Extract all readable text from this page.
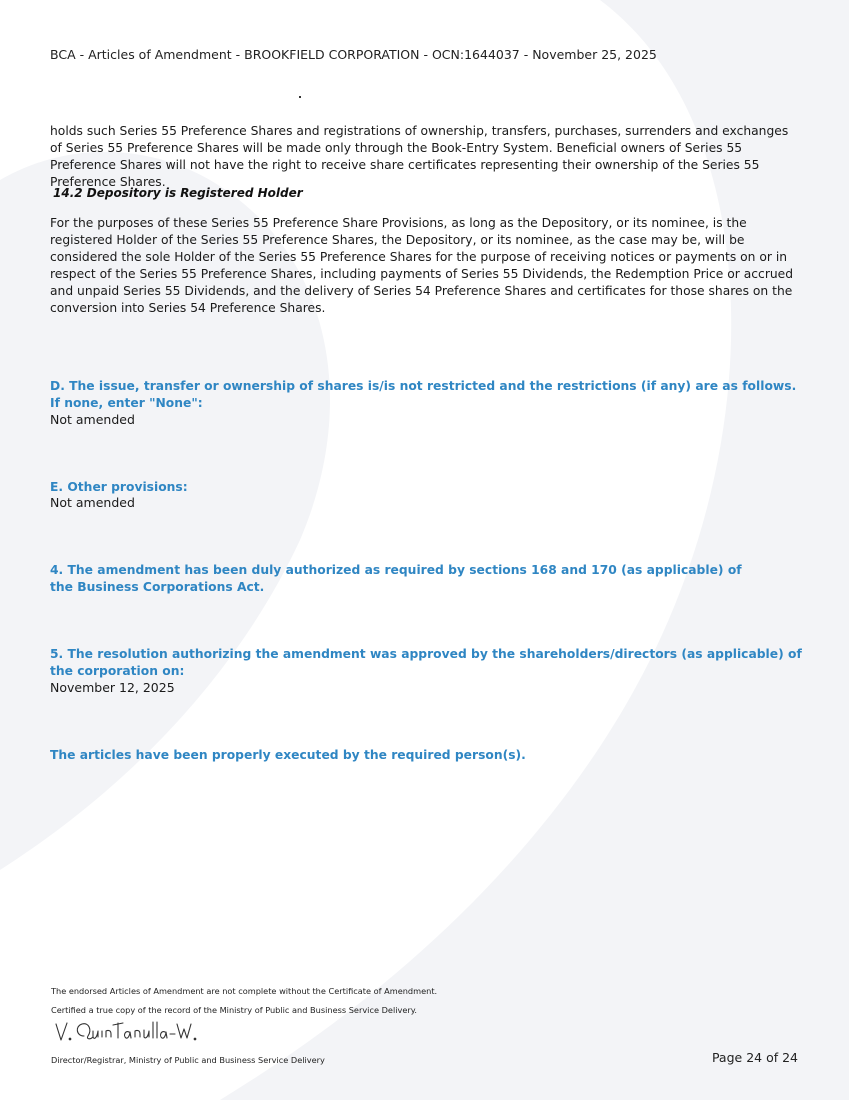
BCA - Articles of Amendment - BROOKFIELD CORPORATION - OCN:1644037 - November 25, 2025
holds such Series 55 Preference Shares and registrations of ownership, transfers, purchases, surrenders and exchanges of Series 55 Preference Shares will be made only through the Book-Entry System. Beneficial owners of Series 55 Preference Shares will not have the right to receive share certificates representing their ownership of the Series 55 Preference Shares.
14.2 Depository is Registered Holder
For the purposes of these Series 55 Preference Share Provisions, as long as the Depository, or its nominee, is the registered Holder of the Series 55 Preference Shares, the Depository, or its nominee, as the case may be, will be considered the sole Holder of the Series 55 Preference Shares for the purpose of receiving notices or payments on or in respect of the Series 55 Preference Shares, including payments of Series 55 Dividends, the Redemption Price or accrued and unpaid Series 55 Dividends, and the delivery of Series 54 Preference Shares and certificates for those shares on the conversion into Series 54 Preference Shares.
D. The issue, transfer or ownership of shares is/is not restricted and the restrictions (if any) are as follows. If none, enter "None":
Not amended
E. Other provisions:
Not amended
4. The amendment has been duly authorized as required by sections 168 and 170 (as applicable) of the Business Corporations Act.
5. The resolution authorizing the amendment was approved by the shareholders/directors (as applicable) of the corporation on:
November 12, 2025
The articles have been properly executed by the required person(s).
The endorsed Articles of Amendment are not complete without the Certificate of Amendment.
Certified a true copy of the record of the Ministry of Public and Business Service Delivery.
Director/Registrar, Ministry of Public and Business Service Delivery	Page 24 of 24
